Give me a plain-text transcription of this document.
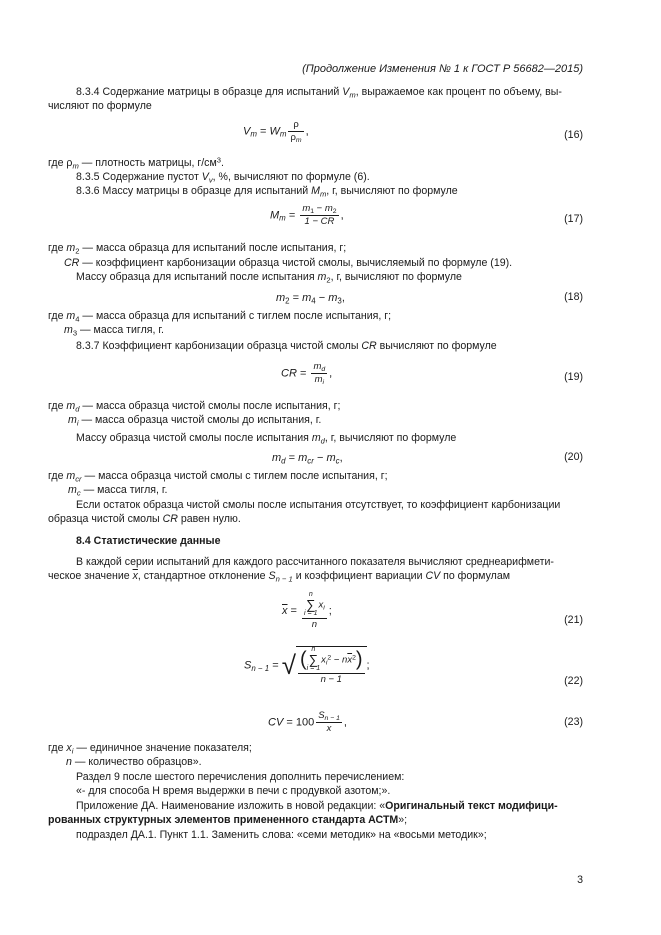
(Продолжение Изменения № 1 к ГОСТ Р 56682—2015)
8.3.4 Содержание матрицы в образце для испытаний $V_m$, выражаемое как процент по объему, вы-
числяют по формуле
$V_m = W_m \frac{\rho}{\rho_m}$ ,	(16)
где $\rho_m$ — плотность матрицы, $г/см^3$.
8.3.5 Содержание пустот $V_v$, %, вычисляют по формуле (6).
8.3.6 Массу матрицы в образце для испытаний $M_m$, г, вычисляют по формуле
$M_m = \frac{m_1 - m_2}{1 - CR}$ ,	(17)
где $m_2$ — масса образца для испытаний после испытания, г;
CR — коэффициент карбонизации образца чистой смолы, вычисляемый по формуле (19).
Массу образца для испытаний после испытания $m_2$, г, вычисляют по формуле
$m_2 = m_4 - m_3$,	(18)
где $m_4$ — масса образца для испытаний с тиглем после испытания, г;
$m_3$ — масса тигля, г.
8.3.7 Коэффициент карбонизации образца чистой смолы CR вычисляют по формуле
CR = $\frac{m_d}{m_i}$ ,	(19)
где $m_d$ — масса образца чистой смолы после испытания, г;
$m_i$ — масса образца чистой смолы до испытания, г.
Массу образца чистой смолы после испытания $m_d$, г, вычисляют по формуле
$m_d = m_{cr} - m_c$,	(20)
где $m_{cr}$ — масса образца чистой смолы с тиглем после испытания, г;
$m_c$ — масса тигля, г.
Если остаток образца чистой смолы после испытания отсутствует, то коэффициент карбонизации
образца чистой смолы CR равен нулю.
8.4 Статистические данные
В каждой серии испытаний для каждого рассчитанного показателя вычисляют среднеарифмети-
ческое значение $\overline{x}$, стандартное отклонение $S_{n - 1}$ и коэффициент вариации CV по формулам
$\overline{x} = n$
∑
$i = 1x_i$
n ;
(21)
$S_{n - 1}$ = √ ( n
∑
$i = 1x_i^2 - n\overline{x}^2$)
n − 1 ;
(22)
CV = $100 \frac{S_{n - 1}}{x}$ ,	(23)
где $x_i$ — единичное значение показателя;
n — количество образцов».
Раздел 9 после шестого перечисления дополнить перечислением:
«- для способа Н время выдержки в печи с продувкой азотом;».
Приложение ДА. Наименование изложить в новой редакции: «Оригинальный текст модифици-
рованных структурных элементов примененного стандарта АСТМ»;
подраздел ДА.1. Пункт 1.1. Заменить слова: «семи методик» на «восьми методик»;
3
